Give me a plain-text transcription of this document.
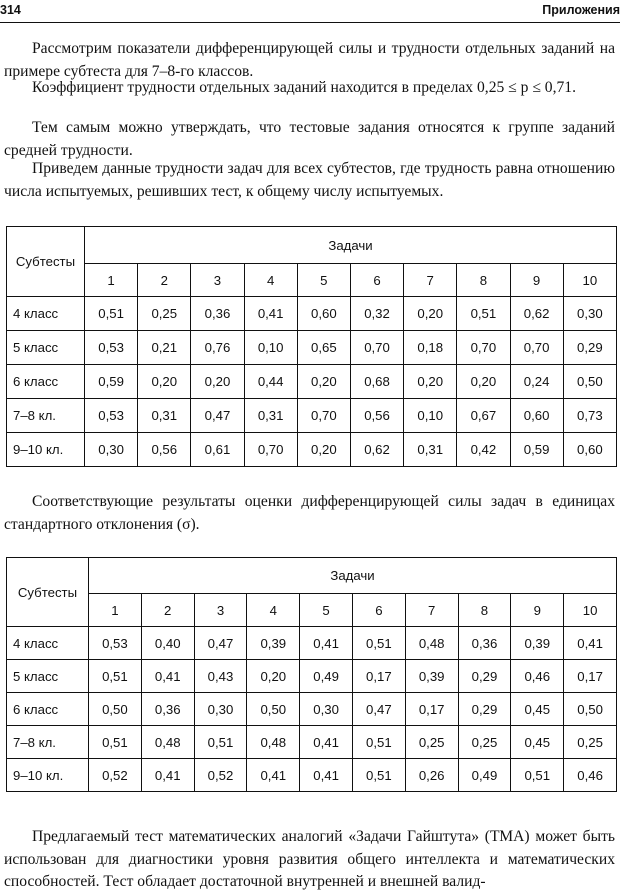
314	Приложения

Рассмотрим показатели дифференцирующей силы и трудности отдельных заданий на примере субтеста для 7–8-го классов.

Коэффициент трудности отдельных заданий находится в пределах 0,25 ≤ p ≤ 0,71.

Тем самым можно утверждать, что тестовые задания относятся к группе заданий средней трудности.

Приведем данные трудности задач для всех субтестов, где трудность равна отношению числа испытуемых, решивших тест, к общему числу испытуемых.

Субтесты	Задачи									
	1	2	3	4	5	6	7	8	9	10
4 класс	0,51	0,25	0,36	0,41	0,60	0,32	0,20	0,51	0,62	0,30
5 класс	0,53	0,21	0,76	0,10	0,65	0,70	0,18	0,70	0,70	0,29
6 класс	0,59	0,20	0,20	0,44	0,20	0,68	0,20	0,20	0,24	0,50
7–8 кл.	0,53	0,31	0,47	0,31	0,70	0,56	0,10	0,67	0,60	0,73
9–10 кл.	0,30	0,56	0,61	0,70	0,20	0,62	0,31	0,42	0,59	0,60

Соответствующие результаты оценки дифференцирующей силы задач в единицах стандартного отклонения (σ).

Субтесты	Задачи									
	1	2	3	4	5	6	7	8	9	10
4 класс	0,53	0,40	0,47	0,39	0,41	0,51	0,48	0,36	0,39	0,41
5 класс	0,51	0,41	0,43	0,20	0,49	0,17	0,39	0,29	0,46	0,17
6 класс	0,50	0,36	0,30	0,50	0,30	0,47	0,17	0,29	0,45	0,50
7–8 кл.	0,51	0,48	0,51	0,48	0,41	0,51	0,25	0,25	0,45	0,25
9–10 кл.	0,52	0,41	0,52	0,41	0,41	0,51	0,26	0,49	0,51	0,46

Предлагаемый тест математических аналогий «Задачи Гайштута» (ТМА) может быть использован для диагностики уровня развития общего интеллекта и математических способностей. Тест обладает достаточной внутренней и внешней валид-
